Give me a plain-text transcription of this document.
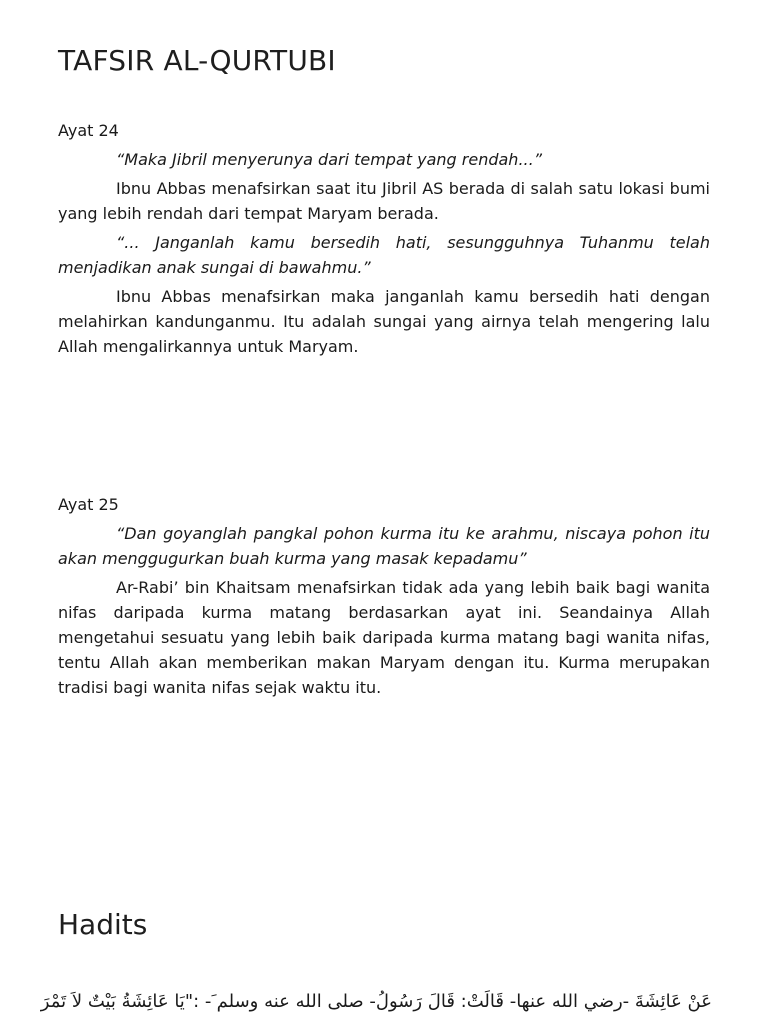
TAFSIR AL-QURTUBI

Ayat 24

“Maka Jibril menyerunya dari tempat yang rendah...”

Ibnu Abbas menafsirkan saat itu Jibril AS berada di salah satu lokasi bumi yang lebih rendah dari tempat Maryam berada.

“... Janganlah kamu bersedih hati, sesungguhnya Tuhanmu telah menjadikan anak sungai di bawahmu.”

Ibnu Abbas menafsirkan maka janganlah kamu bersedih hati dengan melahirkan kandunganmu. Itu adalah sungai yang airnya telah mengering lalu Allah mengalirkannya untuk Maryam.

Ayat 25

“Dan goyanglah pangkal pohon kurma itu ke arahmu, niscaya pohon itu akan menggugurkan buah kurma yang masak kepadamu”

Ar-Rabi’ bin Khaitsam menafsirkan tidak ada yang lebih baik bagi wanita nifas daripada kurma matang berdasarkan ayat ini. Seandainya Allah mengetahui sesuatu yang lebih baik daripada kurma matang bagi wanita nifas, tentu Allah akan memberikan makan Maryam dengan itu. Kurma merupakan tradisi bagi wanita nifas sejak waktu itu.

Hadits
عَنْ عَائِشَةَ -رضي الله عنها- قَالَتْ: قَالَ رَسُولُ- صلى الله عنه وسلم َ- :"يَا عَائِشَةُ بَيْتٌ لاَ تَمْرَ
